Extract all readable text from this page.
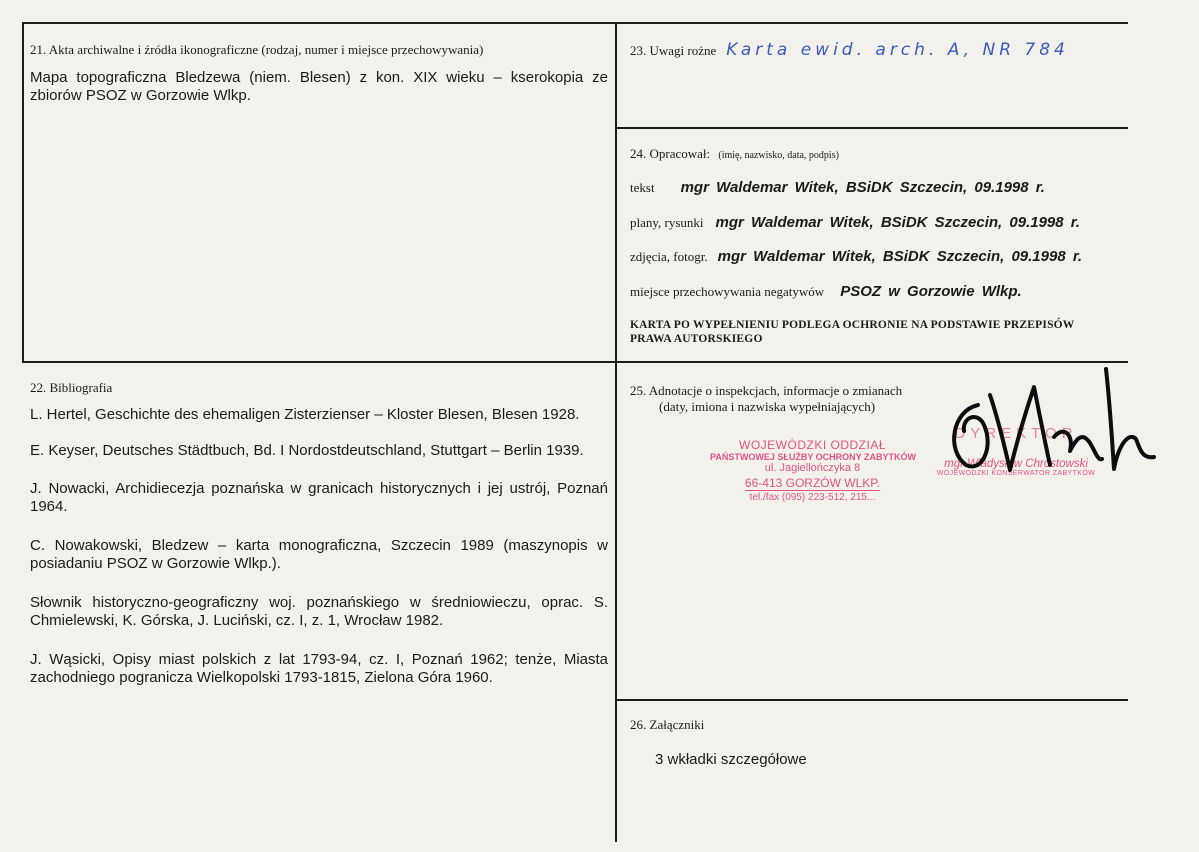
21. Akta archiwalne i źródła ikonograficzne (rodzaj, numer i miejsce przechowywania)

Mapa topograficzna Bledzewa (niem. Blesen) z kon. XIX wieku – kserokopia ze zbiorów PSOZ w Gorzowie Wlkp.

22. Bibliografia

L. Hertel, Geschichte des ehemaligen Zisterzienser – Kloster Blesen, Blesen 1928.

E. Keyser, Deutsches Städtbuch, Bd. I Nordostdeutschland, Stuttgart – Berlin 1939.

J. Nowacki, Archidiecezja poznańska w granicach historycznych i jej ustrój, Poznań 1964.

C. Nowakowski, Bledzew – karta monograficzna, Szczecin 1989 (maszynopis w posiadaniu PSOZ w Gorzowie Wlkp.).

Słownik historyczno-geograficzny woj. poznańskiego w średniowieczu, oprac. S. Chmielewski, K. Górska, J. Luciński, cz. I, z. 1, Wrocław 1982.

J. Wąsicki, Opisy miast polskich z lat 1793-94, cz. I, Poznań 1962; tenże, Miasta zachodniego pogranicza Wielkopolski 1793-1815, Zielona Góra 1960.

23. Uwagi rożne Karta ewid. arch. A, NR 784
24. Opracował: (imię, nazwisko, data, podpis)
tekst mgr Waldemar Witek, BSiDK Szczecin, 09.1998 r.
plany, rysunki mgr Waldemar Witek, BSiDK Szczecin, 09.1998 r.
zdjęcia, fotogr. mgr Waldemar Witek, BSiDK Szczecin, 09.1998 r.
miejsce przechowywania negatywów PSOZ w Gorzowie Wlkp.
KARTA PO WYPEŁNIENIU PODLEGA OCHRONIE NA PODSTAWIE PRZEPISÓW
PRAWA AUTORSKIEGO
25. Adnotacje o inspekcjach, informacje o zmianach
(daty, imiona i nazwiska wypełniających)
WOJEWÓDZKI ODDZIAŁ
PAŃSTWOWEJ SŁUŻBY OCHRONY ZABYTKÓW
ul. Jagiellończyka 8
66-413 GORZÓW WLKP.
tel./fax (095) 223-512, 215...
DYREKTOR
mgr Władysław Chrostowski
WOJEWÓDZKI KONSERWATOR ZABYTKÓW
26. Załączniki
3 wkładki szczegółowe
